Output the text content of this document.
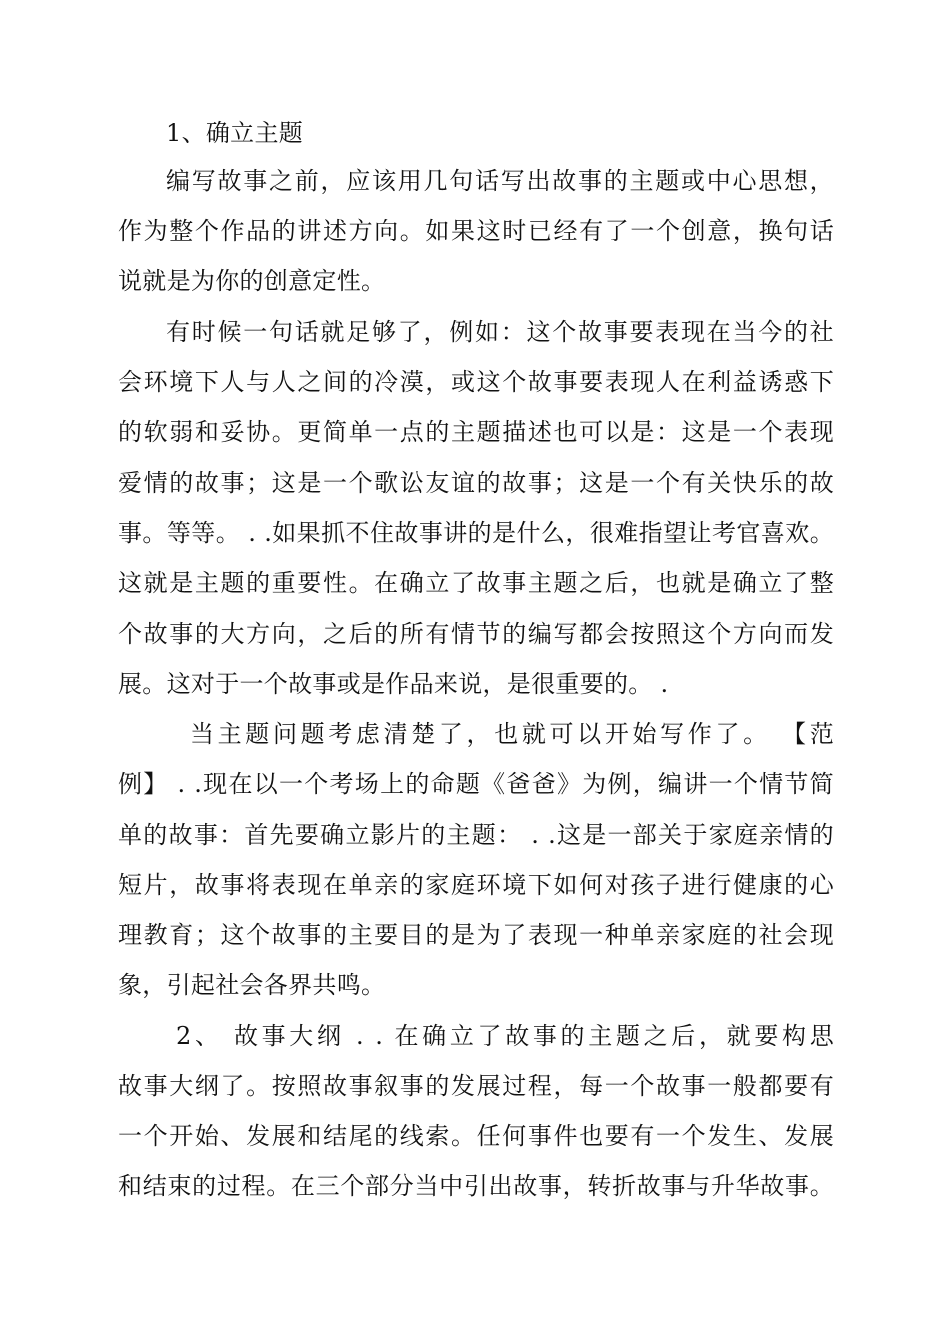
1、确立主题
编写故事之前，应该用几句话写出故事的主题或中心思想，
作为整个作品的讲述方向。如果这时已经有了一个创意，换句话
说就是为你的创意定性。
有时候一句话就足够了，例如：这个故事要表现在当今的社
会环境下人与人之间的冷漠，或这个故事要表现人在利益诱惑下
的软弱和妥协。更简单一点的主题描述也可以是：这是一个表现
爱情的故事；这是一个歌讼友谊的故事；这是一个有关快乐的故
事。等等。 . .如果抓不住故事讲的是什么，很难指望让考官喜欢。
这就是主题的重要性。在确立了故事主题之后，也就是确立了整
个故事的大方向，之后的所有情节的编写都会按照这个方向而发
展。这对于一个故事或是作品来说，是很重要的。 .
当主题问题考虑清楚了，也就可以开始写作了。 【范
例】 . .现在以一个考场上的命题《爸爸》为例，编讲一个情节简
单的故事：首先要确立影片的主题： . .这是一部关于家庭亲情的
短片，故事将表现在单亲的家庭环境下如何对孩子进行健康的心
理教育；这个故事的主要目的是为了表现一种单亲家庭的社会现
象，引起社会各界共鸣。
2、 故事大纲 . . 在确立了故事的主题之后，就要构思
故事大纲了。按照故事叙事的发展过程，每一个故事一般都要有
一个开始、发展和结尾的线索。任何事件也要有一个发生、发展
和结束的过程。在三个部分当中引出故事，转折故事与升华故事。
